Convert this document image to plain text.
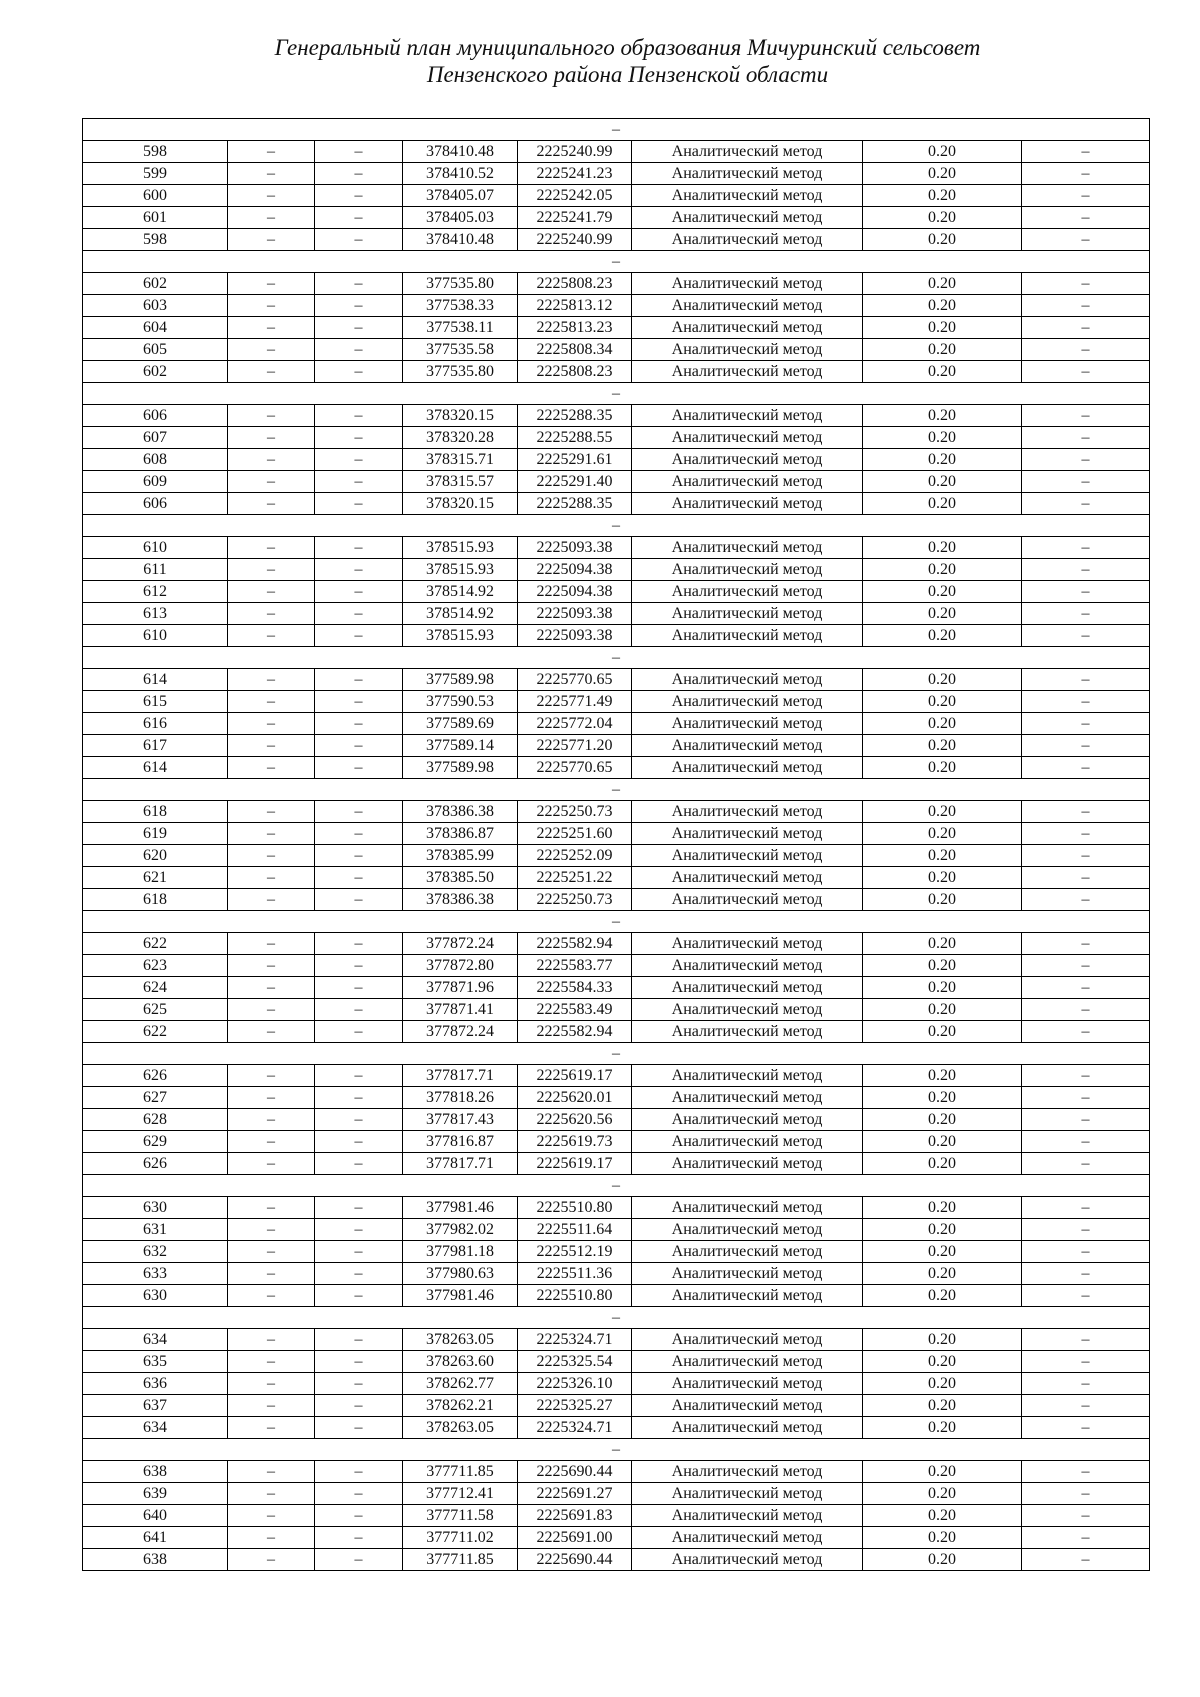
Генеральный план муниципального образования Мичуринский сельсовет
Пензенского района Пензенской области
–							
598	–	–	378410.48	2225240.99	Аналитический метод	0.20	–
599	–	–	378410.52	2225241.23	Аналитический метод	0.20	–
600	–	–	378405.07	2225242.05	Аналитический метод	0.20	–
601	–	–	378405.03	2225241.79	Аналитический метод	0.20	–
598	–	–	378410.48	2225240.99	Аналитический метод	0.20	–
–							
602	–	–	377535.80	2225808.23	Аналитический метод	0.20	–
603	–	–	377538.33	2225813.12	Аналитический метод	0.20	–
604	–	–	377538.11	2225813.23	Аналитический метод	0.20	–
605	–	–	377535.58	2225808.34	Аналитический метод	0.20	–
602	–	–	377535.80	2225808.23	Аналитический метод	0.20	–
–							
606	–	–	378320.15	2225288.35	Аналитический метод	0.20	–
607	–	–	378320.28	2225288.55	Аналитический метод	0.20	–
608	–	–	378315.71	2225291.61	Аналитический метод	0.20	–
609	–	–	378315.57	2225291.40	Аналитический метод	0.20	–
606	–	–	378320.15	2225288.35	Аналитический метод	0.20	–
–							
610	–	–	378515.93	2225093.38	Аналитический метод	0.20	–
611	–	–	378515.93	2225094.38	Аналитический метод	0.20	–
612	–	–	378514.92	2225094.38	Аналитический метод	0.20	–
613	–	–	378514.92	2225093.38	Аналитический метод	0.20	–
610	–	–	378515.93	2225093.38	Аналитический метод	0.20	–
–							
614	–	–	377589.98	2225770.65	Аналитический метод	0.20	–
615	–	–	377590.53	2225771.49	Аналитический метод	0.20	–
616	–	–	377589.69	2225772.04	Аналитический метод	0.20	–
617	–	–	377589.14	2225771.20	Аналитический метод	0.20	–
614	–	–	377589.98	2225770.65	Аналитический метод	0.20	–
–							
618	–	–	378386.38	2225250.73	Аналитический метод	0.20	–
619	–	–	378386.87	2225251.60	Аналитический метод	0.20	–
620	–	–	378385.99	2225252.09	Аналитический метод	0.20	–
621	–	–	378385.50	2225251.22	Аналитический метод	0.20	–
618	–	–	378386.38	2225250.73	Аналитический метод	0.20	–
–							
622	–	–	377872.24	2225582.94	Аналитический метод	0.20	–
623	–	–	377872.80	2225583.77	Аналитический метод	0.20	–
624	–	–	377871.96	2225584.33	Аналитический метод	0.20	–
625	–	–	377871.41	2225583.49	Аналитический метод	0.20	–
622	–	–	377872.24	2225582.94	Аналитический метод	0.20	–
–							
626	–	–	377817.71	2225619.17	Аналитический метод	0.20	–
627	–	–	377818.26	2225620.01	Аналитический метод	0.20	–
628	–	–	377817.43	2225620.56	Аналитический метод	0.20	–
629	–	–	377816.87	2225619.73	Аналитический метод	0.20	–
626	–	–	377817.71	2225619.17	Аналитический метод	0.20	–
–							
630	–	–	377981.46	2225510.80	Аналитический метод	0.20	–
631	–	–	377982.02	2225511.64	Аналитический метод	0.20	–
632	–	–	377981.18	2225512.19	Аналитический метод	0.20	–
633	–	–	377980.63	2225511.36	Аналитический метод	0.20	–
630	–	–	377981.46	2225510.80	Аналитический метод	0.20	–
–							
634	–	–	378263.05	2225324.71	Аналитический метод	0.20	–
635	–	–	378263.60	2225325.54	Аналитический метод	0.20	–
636	–	–	378262.77	2225326.10	Аналитический метод	0.20	–
637	–	–	378262.21	2225325.27	Аналитический метод	0.20	–
634	–	–	378263.05	2225324.71	Аналитический метод	0.20	–
–							
638	–	–	377711.85	2225690.44	Аналитический метод	0.20	–
639	–	–	377712.41	2225691.27	Аналитический метод	0.20	–
640	–	–	377711.58	2225691.83	Аналитический метод	0.20	–
641	–	–	377711.02	2225691.00	Аналитический метод	0.20	–
638	–	–	377711.85	2225690.44	Аналитический метод	0.20	–
